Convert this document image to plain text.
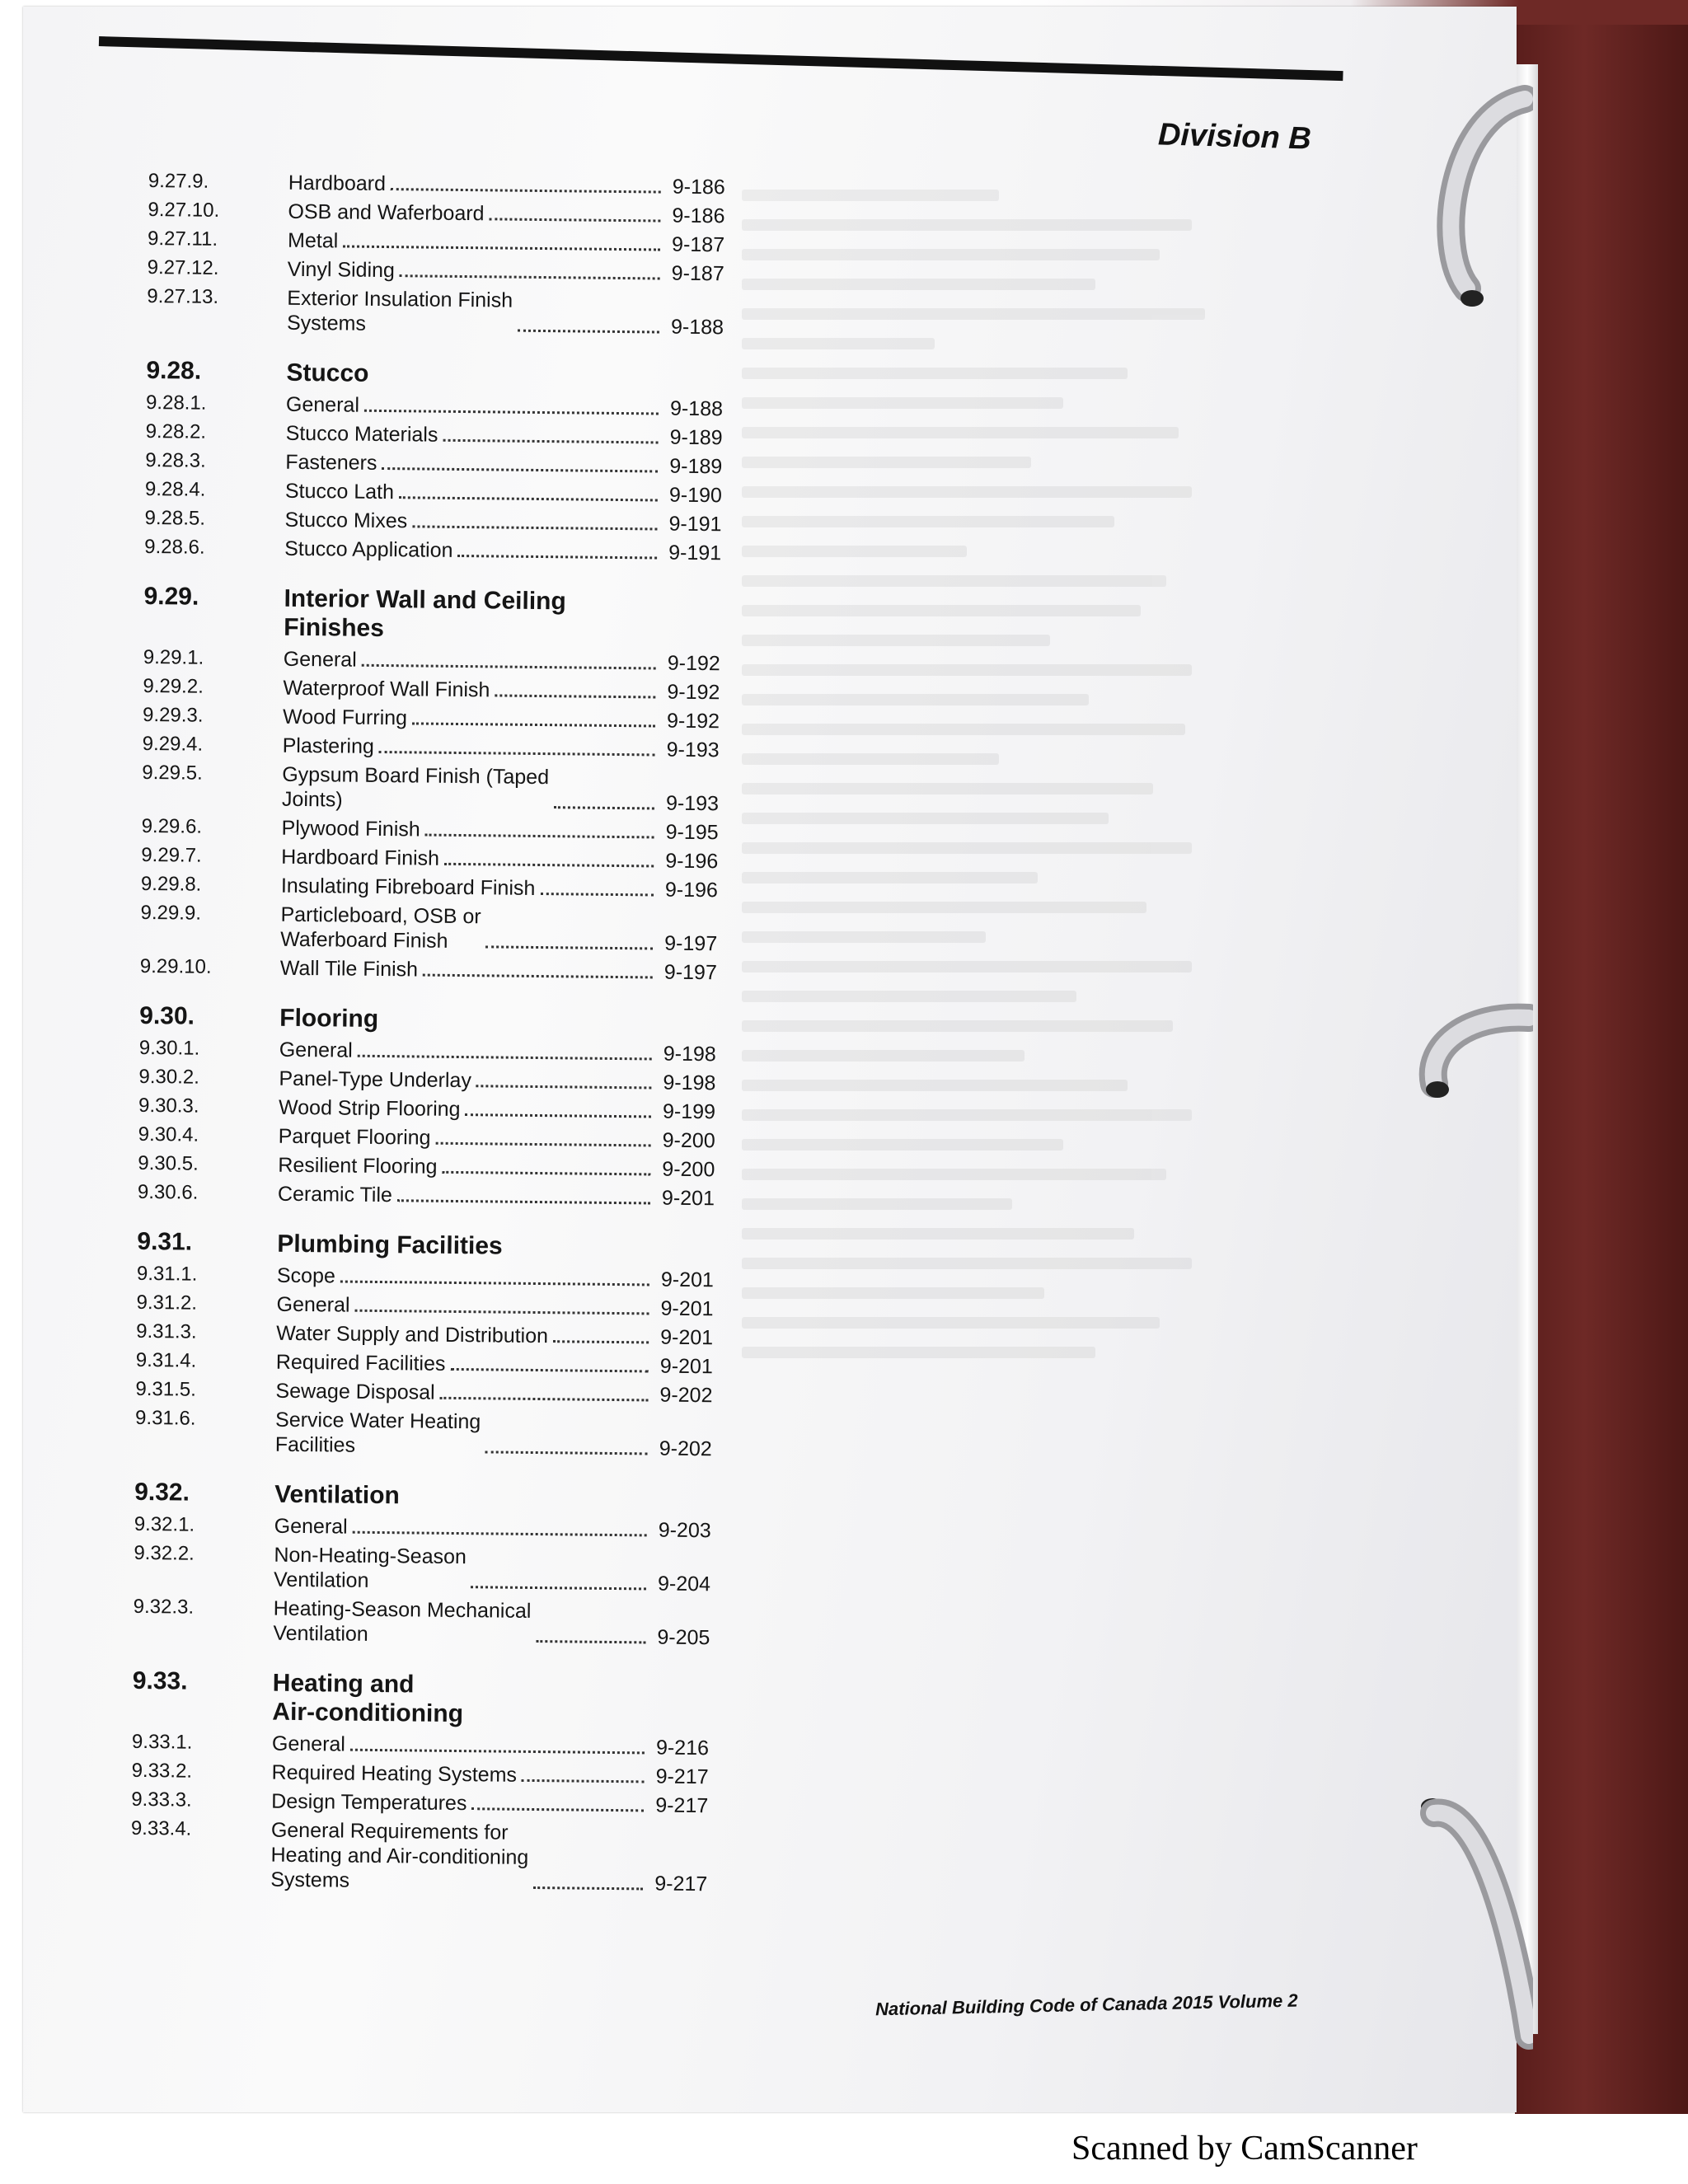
Division B
9.27.9.	Hardboard	9-186
9.27.10.	OSB and Waferboard	9-186
9.27.11.	Metal	9-187
9.27.12.	Vinyl Siding	9-187
9.27.13.	Exterior Insulation Finish
Systems	9-188
9.28.	Stucco
9.28.1.	General	9-188
9.28.2.	Stucco Materials	9-189
9.28.3.	Fasteners	9-189
9.28.4.	Stucco Lath	9-190
9.28.5.	Stucco Mixes	9-191
9.28.6.	Stucco Application	9-191
9.29.	Interior Wall and Ceiling
Finishes
9.29.1.	General	9-192
9.29.2.	Waterproof Wall Finish	9-192
9.29.3.	Wood Furring	9-192
9.29.4.	Plastering	9-193
9.29.5.	Gypsum Board Finish (Taped
Joints)	9-193
9.29.6.	Plywood Finish	9-195
9.29.7.	Hardboard Finish	9-196
9.29.8.	Insulating Fibreboard Finish	9-196
9.29.9.	Particleboard, OSB or
Waferboard Finish	9-197
9.29.10.	Wall Tile Finish	9-197
9.30.	Flooring
9.30.1.	General	9-198
9.30.2.	Panel-Type Underlay	9-198
9.30.3.	Wood Strip Flooring	9-199
9.30.4.	Parquet Flooring	9-200
9.30.5.	Resilient Flooring	9-200
9.30.6.	Ceramic Tile	9-201
9.31.	Plumbing Facilities
9.31.1.	Scope	9-201
9.31.2.	General	9-201
9.31.3.	Water Supply and Distribution	9-201
9.31.4.	Required Facilities	9-201
9.31.5.	Sewage Disposal	9-202
9.31.6.	Service Water Heating
Facilities	9-202
9.32.	Ventilation
9.32.1.	General	9-203
9.32.2.	Non-Heating-Season
Ventilation	9-204
9.32.3.	Heating-Season Mechanical
Ventilation	9-205
9.33.	Heating and
Air-conditioning
9.33.1.	General	9-216
9.33.2.	Required Heating Systems	9-217
9.33.3.	Design Temperatures	9-217
9.33.4.	General Requirements for
Heating and Air-conditioning
Systems	9-217
National Building Code of Canada 2015 Volume 2
Scanned by CamScanner
